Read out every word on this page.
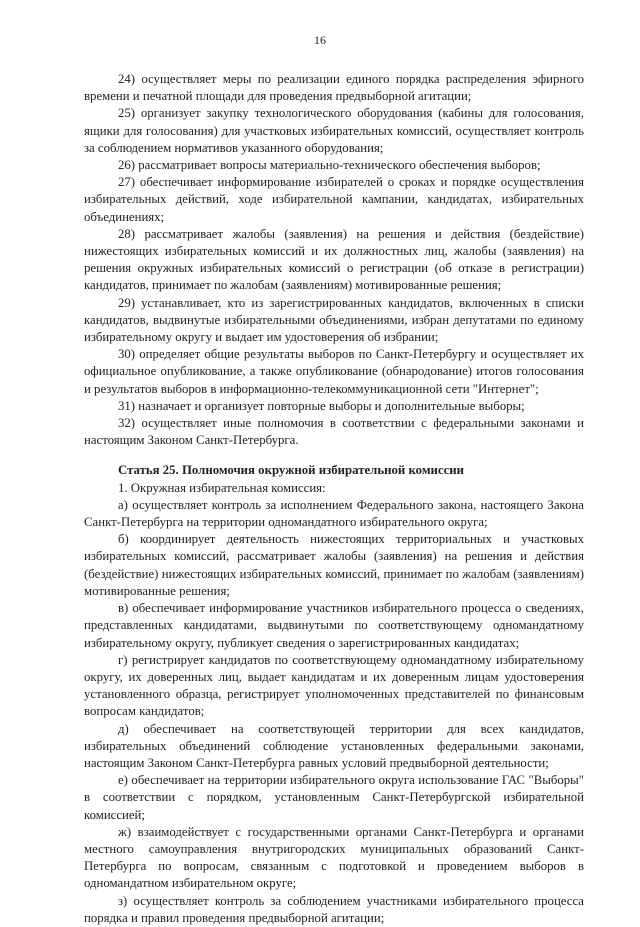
16

24) осуществляет меры по реализации единого порядка распределения эфирного времени и печатной площади для проведения предвыборной агитации;

25) организует закупку технологического оборудования (кабины для голосования, ящики для голосования) для участковых избирательных комиссий, осуществляет контроль за соблюдением нормативов указанного оборудования;

26) рассматривает вопросы материально-технического обеспечения выборов;

27) обеспечивает информирование избирателей о сроках и порядке осуществления избирательных действий, ходе избирательной кампании, кандидатах, избирательных объединениях;

28) рассматривает жалобы (заявления) на решения и действия (бездействие) нижестоящих избирательных комиссий и их должностных лиц, жалобы (заявления) на решения окружных избирательных комиссий о регистрации (об отказе в регистрации) кандидатов, принимает по жалобам (заявлениям) мотивированные решения;

29) устанавливает, кто из зарегистрированных кандидатов, включенных в списки кандидатов, выдвинутые избирательными объединениями, избран депутатами по единому избирательному округу и выдает им удостоверения об избрании;

30) определяет общие результаты выборов по Санкт-Петербургу и осуществляет их официальное опубликование, а также опубликование (обнародование) итогов голосования и результатов выборов в информационно-телекоммуникационной сети "Интернет";

31) назначает и организует повторные выборы и дополнительные выборы;

32) осуществляет иные полномочия в соответствии с федеральными законами и настоящим Законом Санкт-Петербурга.

Статья 25. Полномочия окружной избирательной комиссии

1. Окружная избирательная комиссия:

а) осуществляет контроль за исполнением Федерального закона, настоящего Закона Санкт-Петербурга на территории одномандатного избирательного округа;

б) координирует деятельность нижестоящих территориальных и участковых избирательных комиссий, рассматривает жалобы (заявления) на решения и действия (бездействие) нижестоящих избирательных комиссий, принимает по жалобам (заявлениям) мотивированные решения;

в) обеспечивает информирование участников избирательного процесса о сведениях, представленных кандидатами, выдвинутыми по соответствующему одномандатному избирательному округу, публикует сведения о зарегистрированных кандидатах;

г) регистрирует кандидатов по соответствующему одномандатному избирательному округу, их доверенных лиц, выдает кандидатам и их доверенным лицам удостоверения установленного образца, регистрирует уполномоченных представителей по финансовым вопросам кандидатов;

д) обеспечивает на соответствующей территории для всех кандидатов, избирательных объединений соблюдение установленных федеральными законами, настоящим Законом Санкт-Петербурга равных условий предвыборной деятельности;

е) обеспечивает на территории избирательного округа использование ГАС "Выборы" в соответствии с порядком, установленным Санкт-Петербургской избирательной комиссией;

ж) взаимодействует с государственными органами Санкт-Петербурга и органами местного самоуправления внутригородских муниципальных образований Санкт-Петербурга по вопросам, связанным с подготовкой и проведением выборов в одномандатном избирательном округе;

з) осуществляет контроль за соблюдением участниками избирательного процесса порядка и правил проведения предвыборной агитации;
